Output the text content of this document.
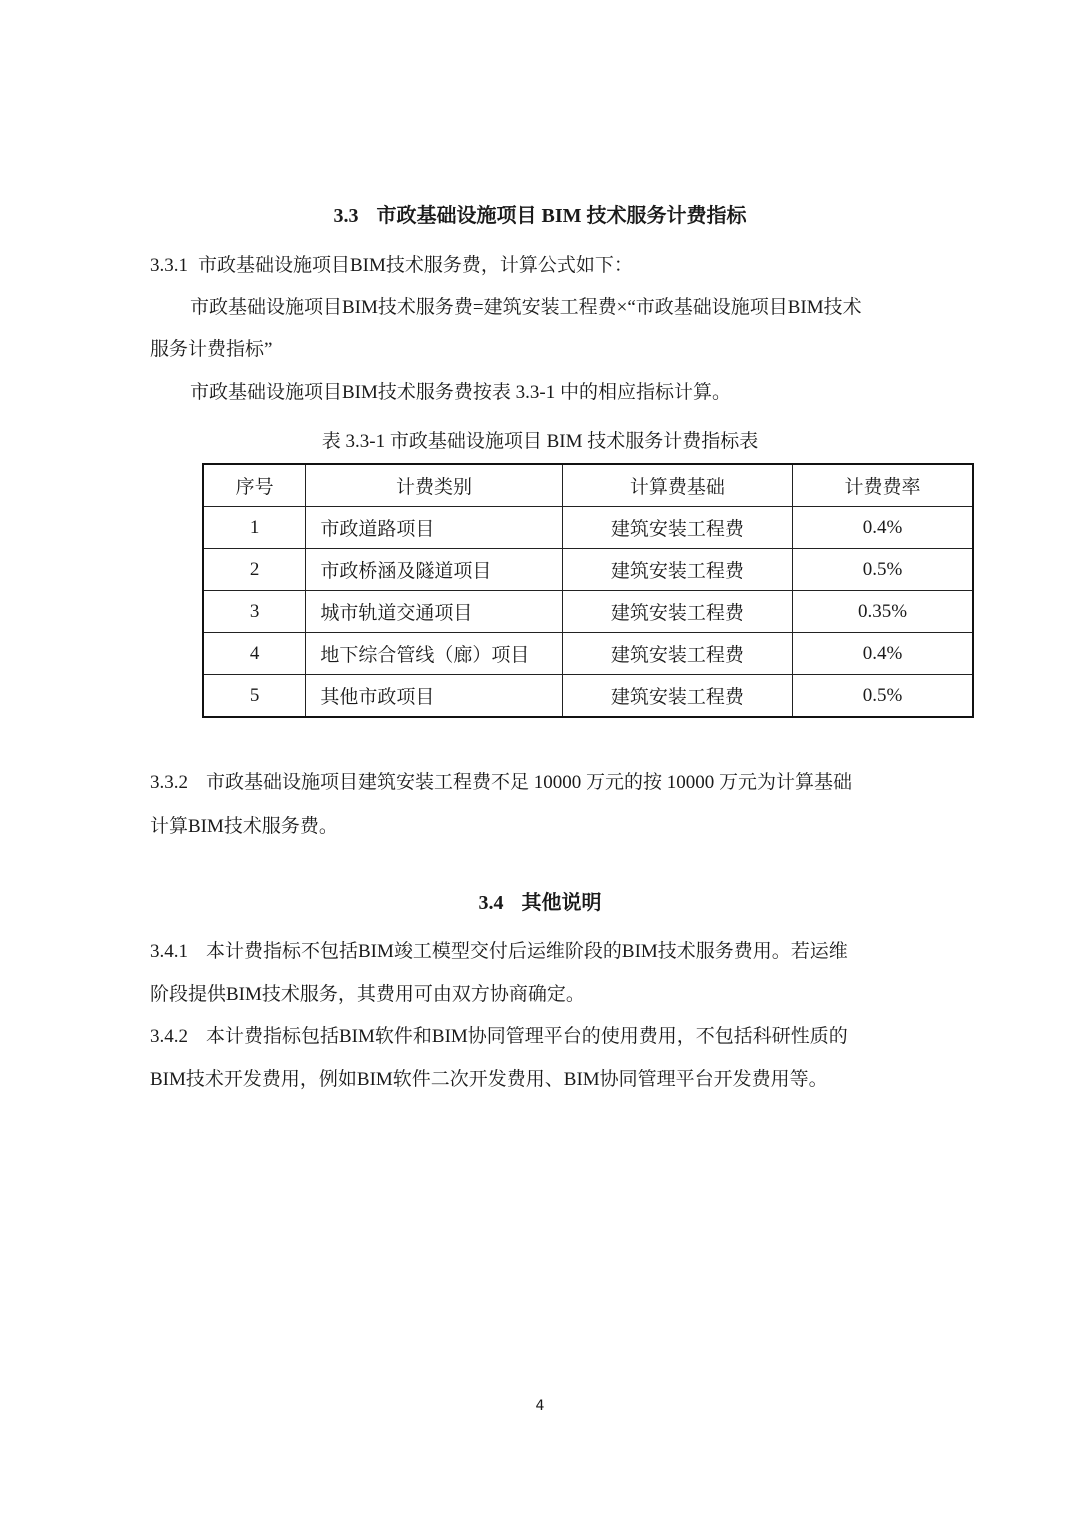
3.3 市政基础设施项目 BIM 技术服务计费指标
3.3.1 市政基础设施项目BIM技术服务费，计算公式如下：
市政基础设施项目BIM技术服务费=建筑安装工程费×“市政基础设施项目BIM技术
服务计费指标”
市政基础设施项目BIM技术服务费按表 3.3-1 中的相应指标计算。
表 3.3-1 市政基础设施项目 BIM 技术服务计费指标表
序号	计费类别	计算费基础	计费费率
1	市政道路项目	建筑安装工程费	0.4%
2	市政桥涵及隧道项目	建筑安装工程费	0.5%
3	城市轨道交通项目	建筑安装工程费	0.35%
4	地下综合管线（廊）项目	建筑安装工程费	0.4%
5	其他市政项目	建筑安装工程费	0.5%
3.3.2 市政基础设施项目建筑安装工程费不足 10000 万元的按 10000 万元为计算基础
计算BIM技术服务费。
3.4 其他说明
3.4.1 本计费指标不包括BIM竣工模型交付后运维阶段的BIM技术服务费用。若运维
阶段提供BIM技术服务，其费用可由双方协商确定。
3.4.2 本计费指标包括BIM软件和BIM协同管理平台的使用费用，不包括科研性质的
BIM技术开发费用，例如BIM软件二次开发费用、BIM协同管理平台开发费用等。
4
